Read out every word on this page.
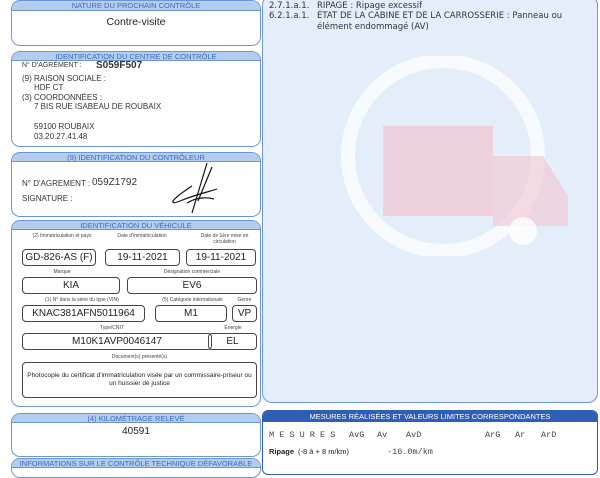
NATURE DU PROCHAIN CONTRÔLE
Contre-visite
IDENTIFICATION DU CENTRE DE CONTRÔLE
N° D'AGRÉMENT : S059F507
(9) RAISON SOCIALE :
HDF CT
(3) COORDONNÉES :
7 BIS RUE ISABEAU DE ROUBAIX
59100 ROUBAIX
03.20.27.41.48
(9) IDENTIFICATION DU CONTRÔLEUR
N° D'AGREMENT : 059Z1792
SIGNATURE :
IDENTIFICATION DU VÉHICULE
(2) Immatriculation et pays	Date d'immatriculation	Date de 1ère mise en circulation
GD-826-AS (F)	19-11-2021	19-11-2021
Marque	Désignation commerciale
KIA	EV6
(1) N° dans la série du type (VIN)	(5) Catégorie internationale	Genre
KNAC381AFN5011964	M1	VP
Type/CNIT	Énergie
M10K1AVP0046147	EL
Document(s) présenté(s)
Photocopie du certificat d'immatriculation visée par un commissaire-priseur ou un huissier de justice
(4) KILOMÉTRAGE RELEVÉ
40591
INFORMATIONS SUR LE CONTRÔLE TECHNIQUE DÉFAVORABLE
2.7.1.a.1. RIPAGE : Ripage excessif
6.2.1.a.1. ÉTAT DE LA CABINE ET DE LA CARROSSERIE : Panneau ou élément endommagé (AV)
MESURES RÉALISÉES ET VALEURS LIMITES CORRESPONDANTES
M E S U R E S AvG Av AvD	ArG Ar ArD
Ripage (-8 à + 8 m/km)	-16.0m/km
